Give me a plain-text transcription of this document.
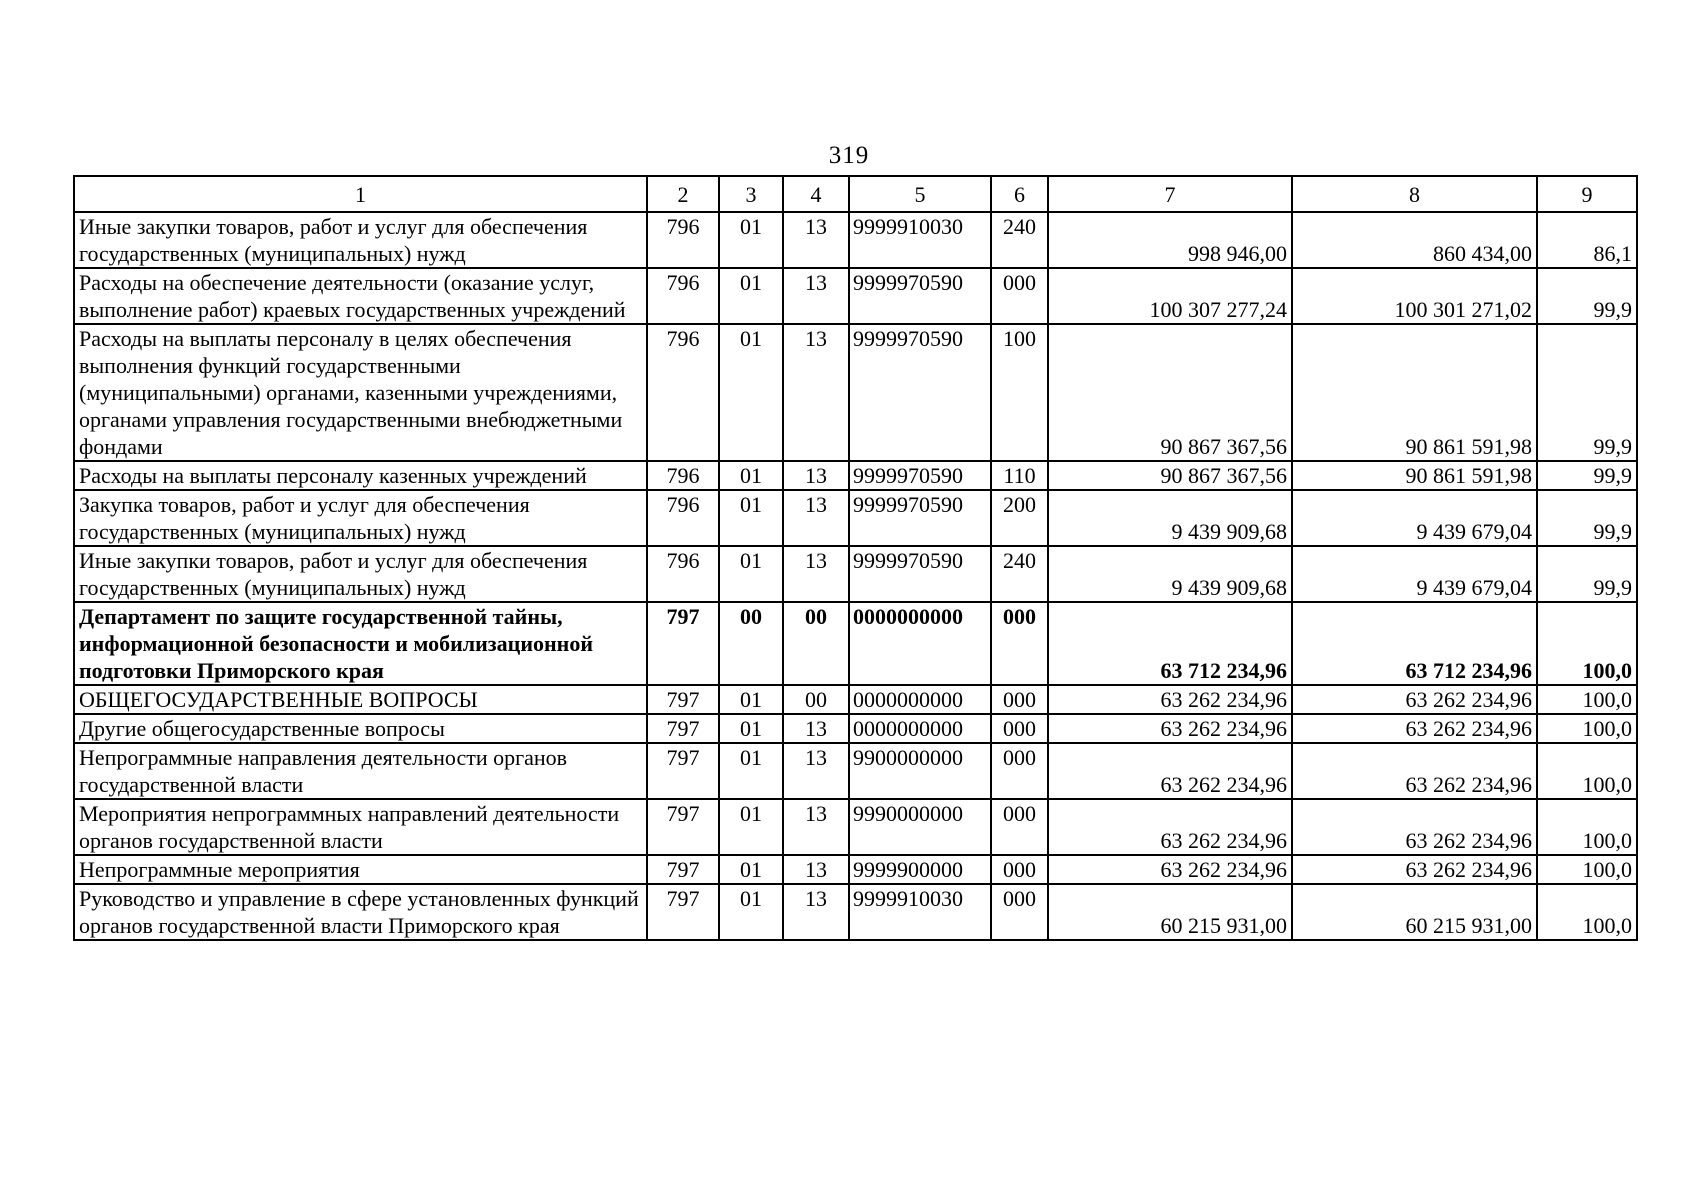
319
1	2	3	4	5	6	7	8	9
Иные закупки товаров, работ и услуг для обеспечения государственных (муниципальных) нужд	796	01	13	9999910030	240	998 946,00	860 434,00	86,1
Расходы на обеспечение деятельности (оказание услуг, выполнение работ) краевых государственных учреждений	796	01	13	9999970590	000	100 307 277,24	100 301 271,02	99,9
Расходы на выплаты персоналу в целях обеспечения выполнения функций государственными (муниципальными) органами, казенными учреждениями, органами управления государственными внебюджетными фондами	796	01	13	9999970590	100	90 867 367,56	90 861 591,98	99,9
Расходы на выплаты персоналу казенных учреждений	796	01	13	9999970590	110	90 867 367,56	90 861 591,98	99,9
Закупка товаров, работ и услуг для обеспечения государственных (муниципальных) нужд	796	01	13	9999970590	200	9 439 909,68	9 439 679,04	99,9
Иные закупки товаров, работ и услуг для обеспечения государственных (муниципальных) нужд	796	01	13	9999970590	240	9 439 909,68	9 439 679,04	99,9
Департамент по защите государственной тайны, информационной безопасности и мобилизационной подготовки Приморского края	797	00	00	0000000000	000	63 712 234,96	63 712 234,96	100,0
ОБЩЕГОСУДАРСТВЕННЫЕ ВОПРОСЫ	797	01	00	0000000000	000	63 262 234,96	63 262 234,96	100,0
Другие общегосударственные вопросы	797	01	13	0000000000	000	63 262 234,96	63 262 234,96	100,0
Непрограммные направления деятельности органов государственной власти	797	01	13	9900000000	000	63 262 234,96	63 262 234,96	100,0
Мероприятия непрограммных направлений деятельности органов государственной власти	797	01	13	9990000000	000	63 262 234,96	63 262 234,96	100,0
Непрограммные мероприятия	797	01	13	9999900000	000	63 262 234,96	63 262 234,96	100,0
Руководство и управление в сфере установленных функций органов государственной власти Приморского края	797	01	13	9999910030	000	60 215 931,00	60 215 931,00	100,0
